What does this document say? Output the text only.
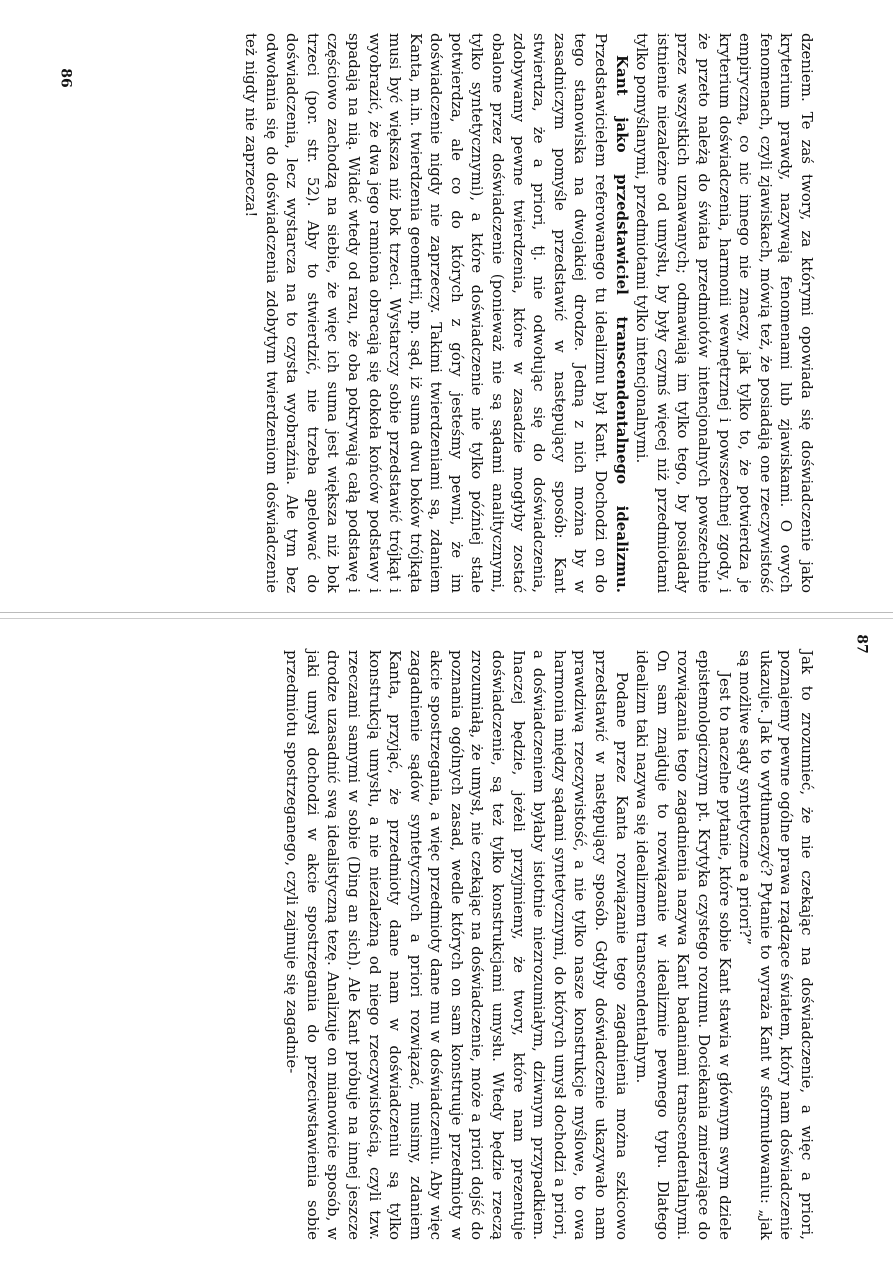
86	dzeniem. Te zaś twory, za którymi opowiada się doświadczenie jako kryterium prawdy, nazywają fenomenami lub zjawiskami. O owych fenomenach, czyli zjawiskach, mówią też, że posiadają one rzeczywistość empiryczną, co nic innego nie znaczy, jak tylko to, że potwierdza je kryterium doświadczenia, harmonii wewnętrznej i powszechnej zgody, i że przeto należą do świata przedmiotów intencjonalnych powszechnie przez wszystkich uznawanych; odmawiają im tylko tego, by posiadały istnienie niezależne od umysłu, by były czymś więcej niż przedmiotami tylko pomyślanymi, przedmiotami tylko intencjonalnymi.

Kant jako przedstawiciel transcendentalnego idealizmu. Przedstawicielem referowanego tu idealizmu był Kant. Dochodzi on do tego stanowiska na dwojakiej drodze. Jedną z nich można by w zasadniczym pomyśle przedstawić w następujący sposób: Kant stwierdza, że a priori, tj. nie odwołując się do doświadczenia, zdobywamy pewne twierdzenia, które w zasadzie mogłyby zostać obalone przez doświadczenie (ponieważ nie są sądami analitycznymi, tylko syntetycznymi), a które doświadczenie nie tylko później stale potwierdza, ale co do których z góry jesteśmy pewni, że im doświadczenie nigdy nie zaprzeczy. Takimi twierdzeniami są, zdaniem Kanta, m.in. twierdzenia geometrii, np. sąd, iż suma dwu boków trójkąta musi być większa niż bok trzeci. Wystarczy sobie przedstawić trójkąt i wyobrazić, że dwa jego ramiona obracają się dokoła końców podstawy i spadają na nią. Widać wtedy od razu, że oba pokrywają całą podstawę i częściowo zachodzą na siebie, że więc ich suma jest większa niż bok trzeci (por. str. 52). Aby to stwierdzić, nie trzeba apelować do doświadczenia, lecz wystarcza na to czysta wyobraźnia. Ale tym bez odwołania się do doświadczenia zdobytym twierdzeniom doświadczenie też nigdy nie zaprzecza!

87

Jak to zrozumieć, że nie czekając na doświadczenie, a więc a priori, poznajemy pewne ogólne prawa rządzące światem, który nam doświadczenie ukazuje. Jak to wytłumaczyć? Pytanie to wyraża Kant w sformułowaniu: „jak są możliwe sądy syntetyczne a priori?”

Jest to naczelne pytanie, które sobie Kant stawia w głównym swym dziele epistemologicznym pt. Krytyka czystego rozumu. Dociekania zmierzające do rozwiązania tego zagadnienia nazywa Kant badaniami transcendentalnymi. On sam znajduje to rozwiązanie w idealizmie pewnego typu. Dlatego idealizm taki nazywa się idealizmem transcendentalnym.

Podane przez Kanta rozwiązanie tego zagadnienia można szkicowo przedstawić w następujący sposób. Gdyby doświadczenie ukazywało nam prawdziwą rzeczywistość, a nie tylko nasze konstrukcje myślowe, to owa harmonia między sądami syntetycznymi, do których umysł dochodzi a priori, a doświadczeniem byłaby istotnie niezrozumiałym, dziwnym przypadkiem. Inaczej będzie, jeżeli przyjmiemy, że twory, które nam prezentuje doświadczenie, są też tylko konstrukcjami umysłu. Wtedy będzie rzeczą zrozumiałą, że umysł, nie czekając na doświadczenie, może a priori dojść do poznania ogólnych zasad, wedle których on sam konstruuje przedmioty w akcie spostrzegania, a więc przedmioty dane mu w doświadczeniu. Aby więc zagadnienie sądów syntetycznych a priori rozwiązać, musimy, zdaniem Kanta, przyjąć, że przedmioty dane nam w doświadczeniu są tylko konstrukcją umysłu, a nie niezależną od niego rzeczywistością, czyli tzw. rzeczami samymi w sobie (Ding an sich). Ale Kant próbuje na innej jeszcze drodze uzasadnić swą idealistyczną tezę. Analizuje on mianowicie sposób, w jaki umysł dochodzi w akcie spostrzegania do przeciwstawienia sobie przedmiotu spostrzeganego, czyli zajmuje się zagadnie-
